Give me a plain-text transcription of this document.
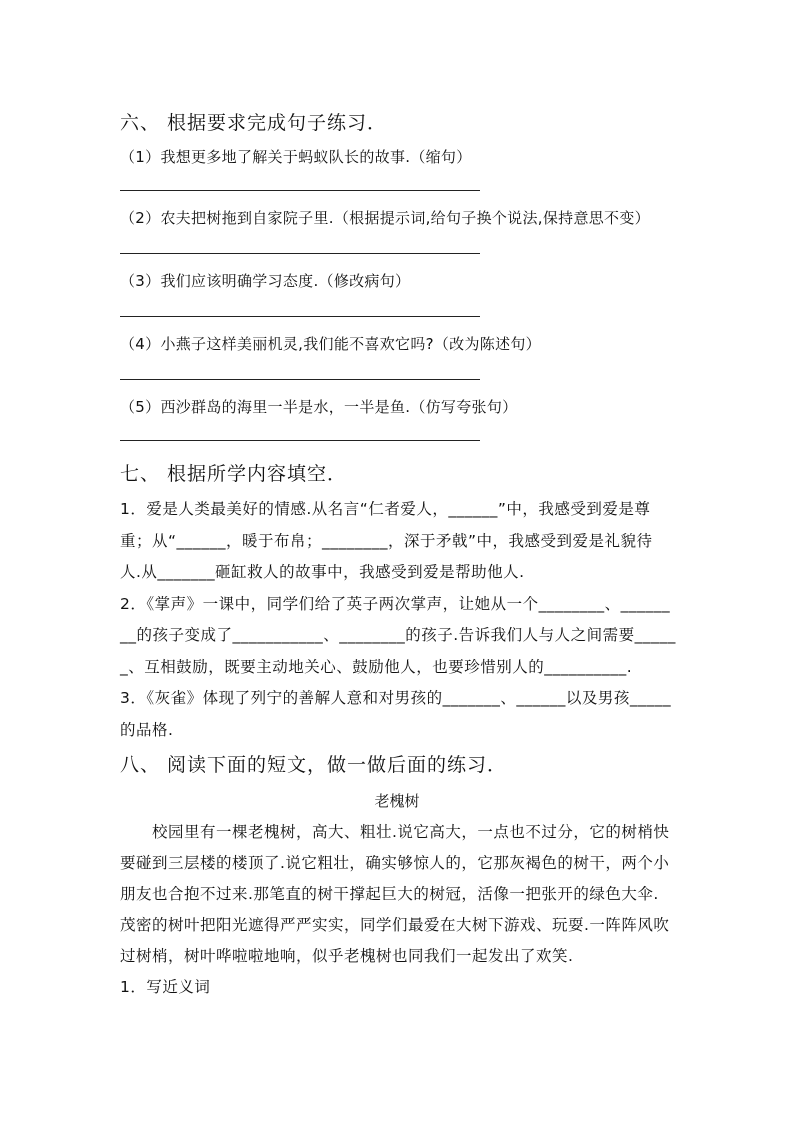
六、 根据要求完成句子练习．
（1）我想更多地了解关于蚂蚁队长的故事.（缩句）
（2）农夫把树拖到自家院子里.（根据提示词,给句子换个说法,保持意思不变）
（3）我们应该明确学习态度.（修改病句）
（4）小燕子这样美丽机灵,我们能不喜欢它吗?（改为陈述句）
（5）西沙群岛的海里一半是水，一半是鱼.（仿写夸张句）
七、 根据所学内容填空．
1．爱是人类最美好的情感.从名言“仁者爱人，______”中，我感受到爱是尊
重；从“______，暖于布帛；________，深于矛戟”中，我感受到爱是礼貌待
人.从_______砸缸救人的故事中，我感受到爱是帮助他人.
2．《掌声》一课中，同学们给了英子两次掌声，让她从一个________、______
__的孩子变成了___________、________的孩子.告诉我们人与人之间需要_____
_、互相鼓励，既要主动地关心、鼓励他人，也要珍惜别人的__________.
3．《灰雀》体现了列宁的善解人意和对男孩的_______、______以及男孩_____
的品格.
八、 阅读下面的短文，做一做后面的练习．
老槐树
　　校园里有一棵老槐树，高大、粗壮.说它高大，一点也不过分，它的树梢快
要碰到三层楼的楼顶了.说它粗壮，确实够惊人的，它那灰褐色的树干，两个小
朋友也合抱不过来.那笔直的树干撑起巨大的树冠，活像一把张开的绿色大伞.
茂密的树叶把阳光遮得严严实实，同学们最爱在大树下游戏、玩耍.一阵阵风吹
过树梢，树叶哗啦啦地响，似乎老槐树也同我们一起发出了欢笑.
1．写近义词
